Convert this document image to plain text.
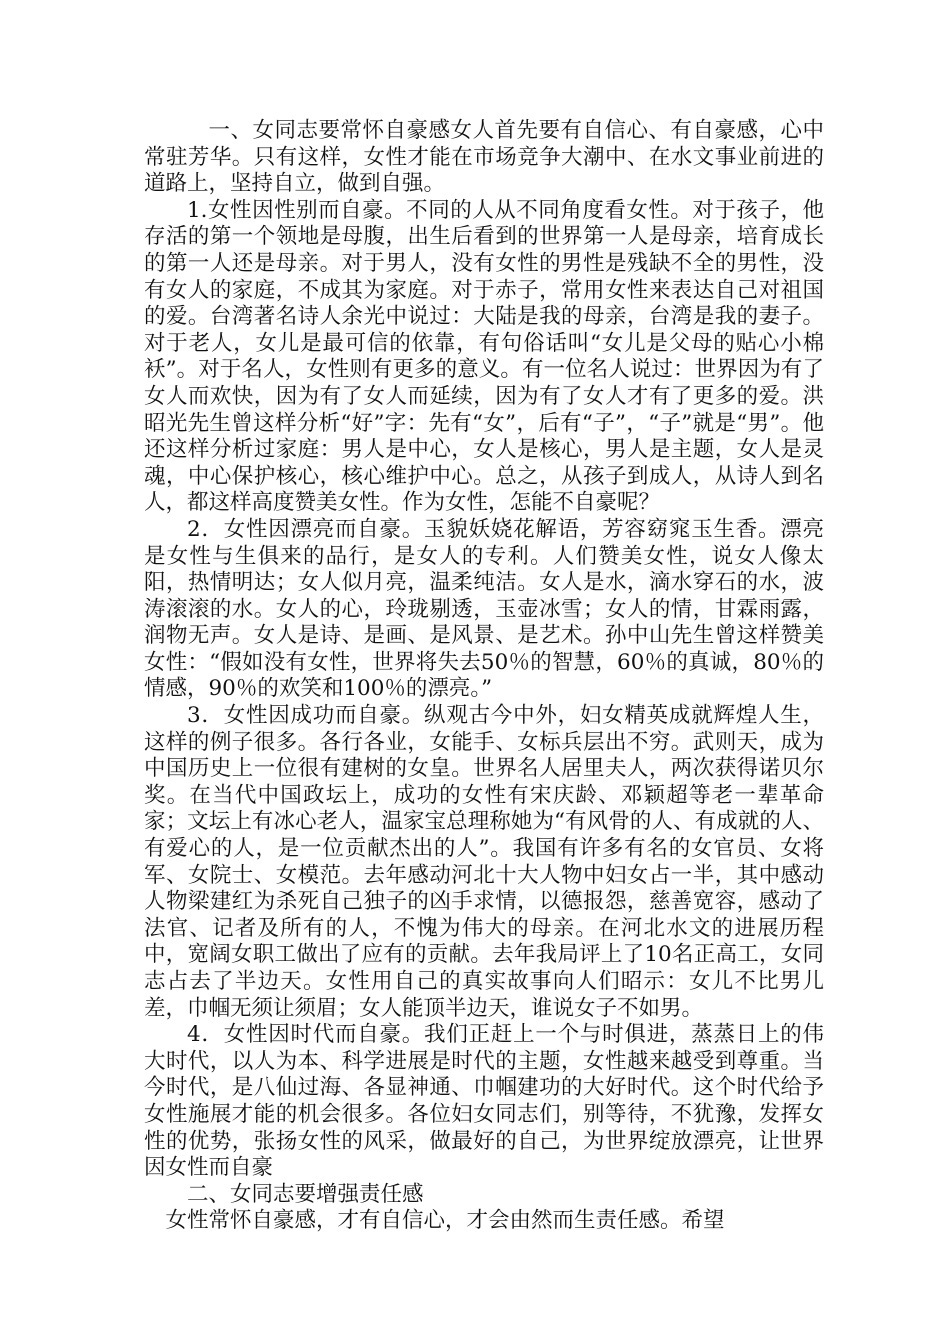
一、女同志要常怀自豪感女人首先要有自信心、有自豪感，心中常驻芳华。只有这样，女性才能在市场竞争大潮中、在水文事业前进的道路上，坚持自立，做到自强。

1.女性因性别而自豪。不同的人从不同角度看女性。对于孩子，他存活的第一个领地是母腹，出生后看到的世界第一人是母亲，培育成长的第一人还是母亲。对于男人，没有女性的男性是残缺不全的男性，没有女人的家庭，不成其为家庭。对于赤子，常用女性来表达自己对祖国的爱。台湾著名诗人余光中说过：大陆是我的母亲，台湾是我的妻子。对于老人，女儿是最可信的依靠，有句俗话叫“女儿是父母的贴心小棉袄”。对于名人，女性则有更多的意义。有一位名人说过：世界因为有了女人而欢快，因为有了女人而延续，因为有了女人才有了更多的爱。洪昭光先生曾这样分析“好”字：先有“女”，后有“子”，“子”就是“男”。他还这样分析过家庭：男人是中心，女人是核心，男人是主题，女人是灵魂，中心保护核心，核心维护中心。总之，从孩子到成人，从诗人到名人，都这样高度赞美女性。作为女性，怎能不自豪呢？

2．女性因漂亮而自豪。玉貌妖娆花解语，芳容窈窕玉生香。漂亮是女性与生俱来的品行，是女人的专利。人们赞美女性，说女人像太阳，热情明达；女人似月亮，温柔纯洁。女人是水，滴水穿石的水，波涛滚滚的水。女人的心，玲珑剔透，玉壶冰雪；女人的情，甘霖雨露，润物无声。女人是诗、是画、是风景、是艺术。孙中山先生曾这样赞美女性：“假如没有女性，世界将失去50％的智慧，60％的真诚，80％的情感，90％的欢笑和100％的漂亮。”

3．女性因成功而自豪。纵观古今中外，妇女精英成就辉煌人生，这样的例子很多。各行各业，女能手、女标兵层出不穷。武则天，成为中国历史上一位很有建树的女皇。世界名人居里夫人，两次获得诺贝尔奖。在当代中国政坛上，成功的女性有宋庆龄、邓颖超等老一辈革命家；文坛上有冰心老人，温家宝总理称她为“有风骨的人、有成就的人、有爱心的人，是一位贡献杰出的人”。我国有许多有名的女官员、女将军、女院士、女模范。去年感动河北十大人物中妇女占一半，其中感动人物梁建红为杀死自己独子的凶手求情，以德报怨，慈善宽容，感动了法官、记者及所有的人，不愧为伟大的母亲。在河北水文的进展历程中，宽阔女职工做出了应有的贡献。去年我局评上了10名正高工，女同志占去了半边天。女性用自己的真实故事向人们昭示：女儿不比男儿差，巾帼无须让须眉；女人能顶半边天，谁说女子不如男。

4．女性因时代而自豪。我们正赶上一个与时俱进，蒸蒸日上的伟大时代，以人为本、科学进展是时代的主题，女性越来越受到尊重。当今时代，是八仙过海、各显神通、巾帼建功的大好时代。这个时代给予女性施展才能的机会很多。各位妇女同志们，别等待，不犹豫，发挥女性的优势，张扬女性的风采，做最好的自己，为世界绽放漂亮，让世界因女性而自豪

二、女同志要增强责任感

女性常怀自豪感，才有自信心，才会由然而生责任感。希望
